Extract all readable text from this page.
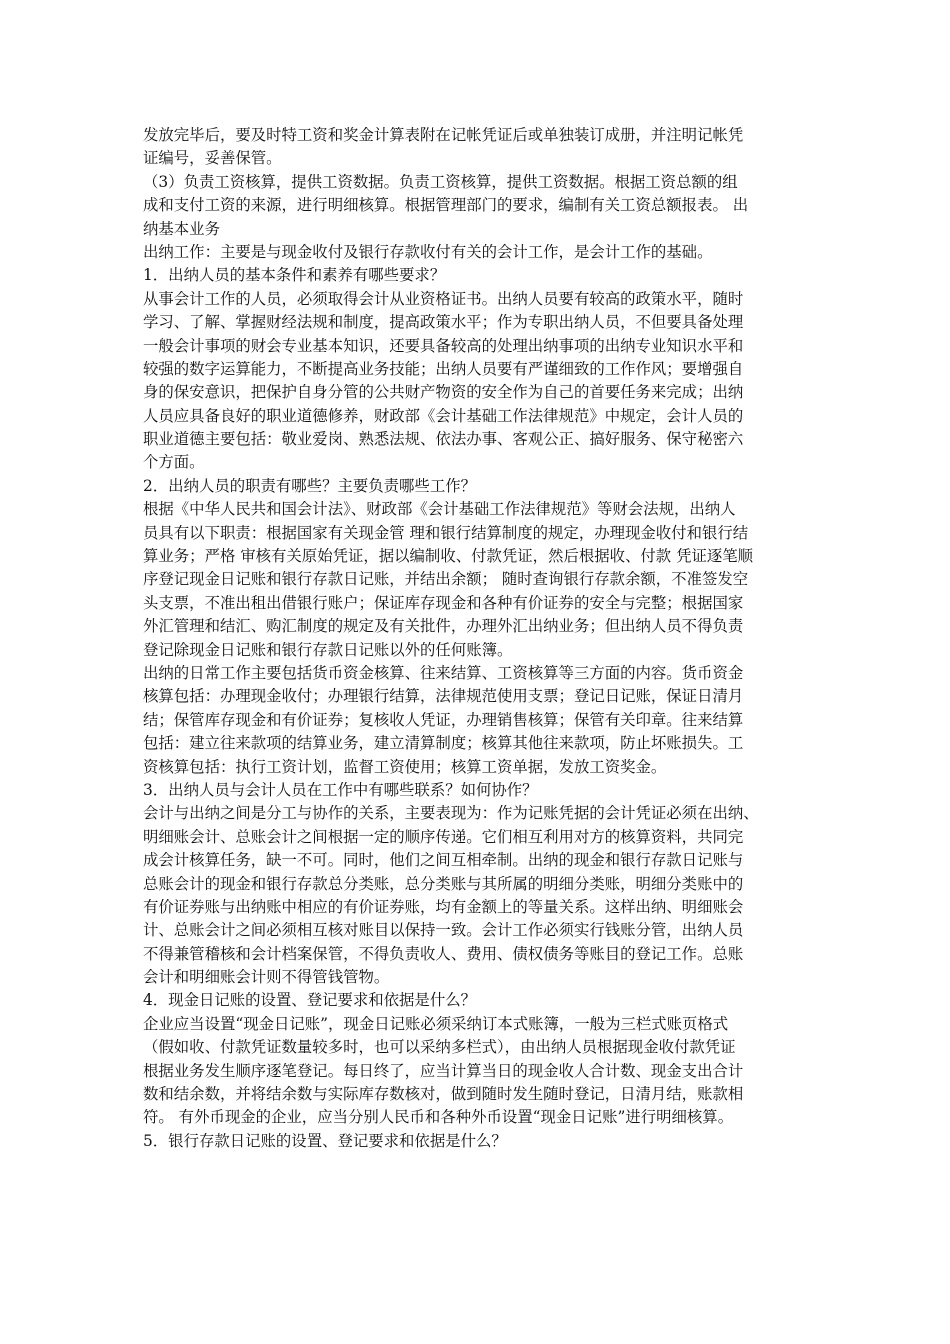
发放完毕后，要及时特工资和奖金计算表附在记帐凭证后或单独装订成册，并注明记帐凭
证编号，妥善保管。
（3）负责工资核算，提供工资数据。负责工资核算，提供工资数据。根据工资总额的组
成和支付工资的来源，进行明细核算。根据管理部门的要求，编制有关工资总额报表。 出
纳基本业务
出纳工作：主要是与现金收付及银行存款收付有关的会计工作，是会计工作的基础。
1．出纳人员的基本条件和素养有哪些要求？
从事会计工作的人员，必须取得会计从业资格证书。出纳人员要有较高的政策水平，随时
学习、了解、掌握财经法规和制度，提高政策水平；作为专职出纳人员，不但要具备处理
一般会计事项的财会专业基本知识，还要具备较高的处理出纳事项的出纳专业知识水平和
较强的数字运算能力，不断提高业务技能；出纳人员要有严谨细致的工作作风；要增强自
身的保安意识，把保护自身分管的公共财产物资的安全作为自己的首要任务来完成；出纳
人员应具备良好的职业道德修养，财政部《会计基础工作法律规范》中规定，会计人员的
职业道德主要包括：敬业爱岗、熟悉法规、依法办事、客观公正、搞好服务、保守秘密六
个方面。
2．出纳人员的职责有哪些？主要负责哪些工作？
根据《中华人民共和国会计法》、财政部《会计基础工作法律规范》等财会法规，出纳人
员具有以下职责：根据国家有关现金管 理和银行结算制度的规定，办理现金收付和银行结
算业务；严格 审核有关原始凭证，据以编制收、付款凭证，然后根据收、付款 凭证逐笔顺
序登记现金日记账和银行存款日记账，并结出余额； 随时查询银行存款余额，不准签发空
头支票，不准出租出借银行账户；保证库存现金和各种有价证券的安全与完整；根据国家
外汇管理和结汇、购汇制度的规定及有关批件，办理外汇出纳业务；但出纳人员不得负责
登记除现金日记账和银行存款日记账以外的任何账簿。
出纳的日常工作主要包括货币资金核算、往来结算、工资核算等三方面的内容。货币资金
核算包括：办理现金收付；办理银行结算，法律规范使用支票；登记日记账，保证日清月
结；保管库存现金和有价证券；复核收人凭证，办理销售核算；保管有关印章。往来结算
包括：建立往来款项的结算业务，建立清算制度；核算其他往来款项，防止坏账损失。工
资核算包括：执行工资计划，监督工资使用；核算工资单据，发放工资奖金。
3．出纳人员与会计人员在工作中有哪些联系？如何协作？
会计与出纳之间是分工与协作的关系，主要表现为：作为记账凭据的会计凭证必须在出纳、
明细账会计、总账会计之间根据一定的顺序传递。它们相互利用对方的核算资料，共同完
成会计核算任务，缺一不可。同时，他们之间互相牵制。出纳的现金和银行存款日记账与
总账会计的现金和银行存款总分类账，总分类账与其所属的明细分类账，明细分类账中的
有价证券账与出纳账中相应的有价证券账，均有金额上的等量关系。这样出纳、明细账会
计、总账会计之间必须相互核对账目以保持一致。会计工作必须实行钱账分管，出纳人员
不得兼管稽核和会计档案保管，不得负责收人、费用、债权债务等账目的登记工作。总账
会计和明细账会计则不得管钱管物。
4．现金日记账的设置、登记要求和依据是什么？
企业应当设置“现金日记账”，现金日记账必须采纳订本式账簿，一般为三栏式账页格式
（假如收、付款凭证数量较多时，也可以采纳多栏式），由出纳人员根据现金收付款凭证
根据业务发生顺序逐笔登记。每日终了，应当计算当日的现金收人合计数、现金支出合计
数和结余数，并将结余数与实际库存数核对，做到随时发生随时登记，日清月结，账款相
符。 有外币现金的企业，应当分别人民币和各种外币设置“现金日记账”进行明细核算。
5．银行存款日记账的设置、登记要求和依据是什么？
